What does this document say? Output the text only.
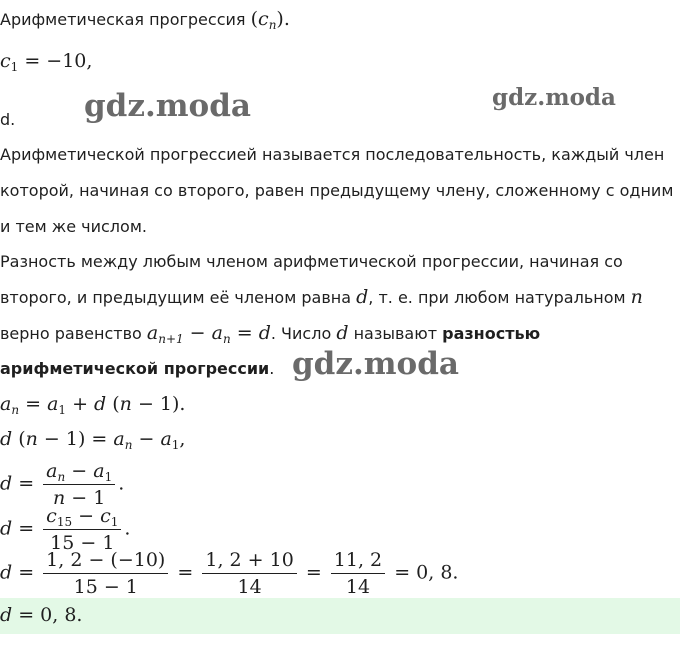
Арифметическая прогрессия $(c_n)$.
$c_1 = -10$,
d. gdz.moda	gdz.moda
gdz.moda
Арифметической прогрессией называется последовательность, каждый член
которой, начиная со второго, равен предыдущему члену, сложенному с одним
и тем же числом.
Разность между любым членом арифметической прогрессии, начиная со
второго, и предыдущим её членом равна d, т. е. при любом натуральном n
верно равенство $a_{n+1} - a_n = d$. Число d называют разностью
арифметической прогрессии.
$a_n = a_1 + d$ (n − 1).
d $(n - 1) = a_n - a_1$,
$d = \frac{a_n - a_1}{n - 1}$ .
$d = \frac{c_{15} - c_1}{15 - 1}$ .
$d = \frac{1, 2 - (-10)}{15 - 1} = \frac{1, 2 + 10}{14} = \frac{11, 2}{14} = 0$, 8.
d = 0, 8.
